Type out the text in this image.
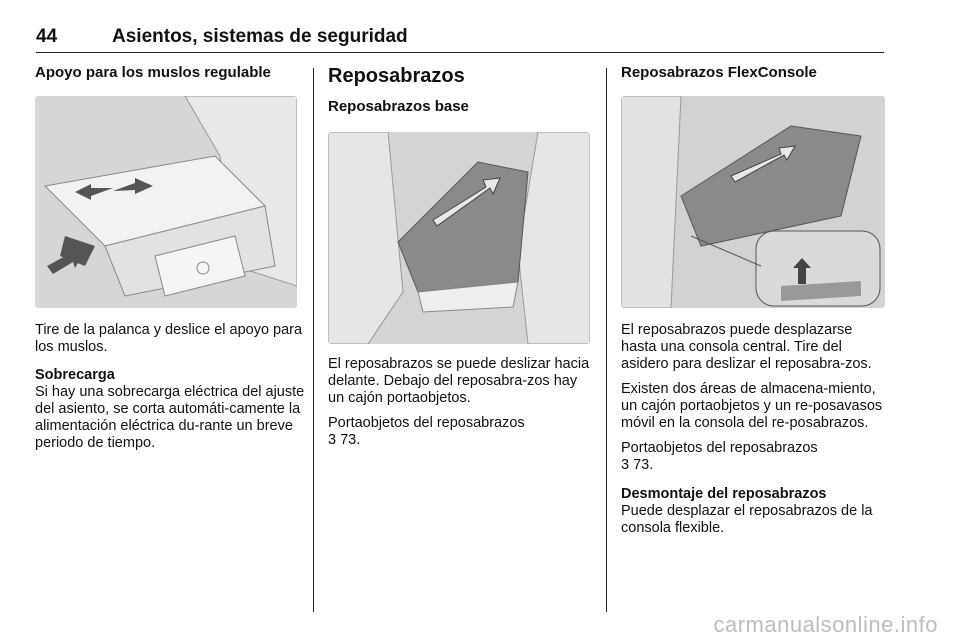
44	Asientos, sistemas de seguridad
Apoyo para los muslos regulable

Tire de la palanca y deslice el apoyo para los muslos.

Sobrecarga

Si hay una sobrecarga eléctrica del ajuste del asiento, se corta automáti‑camente la alimentación eléctrica du‑rante un breve periodo de tiempo.

Reposabrazos
Reposabrazos base

El reposabrazos se puede deslizar hacia delante. Debajo del reposabra‑zos hay un cajón portaobjetos.

Portaobjetos del reposabrazos
3 73.
Reposabrazos FlexConsole

El reposabrazos puede desplazarse hasta una consola central. Tire del asidero para deslizar el reposabra‑zos.

Existen dos áreas de almacena‑miento, un cajón portaobjetos y un re‑posavasos móvil en la consola del re‑posabrazos.

Portaobjetos del reposabrazos
3 73.
Desmontaje del reposabrazos

Puede desplazar el reposabrazos de la consola flexible.

carmanualsonline.info
